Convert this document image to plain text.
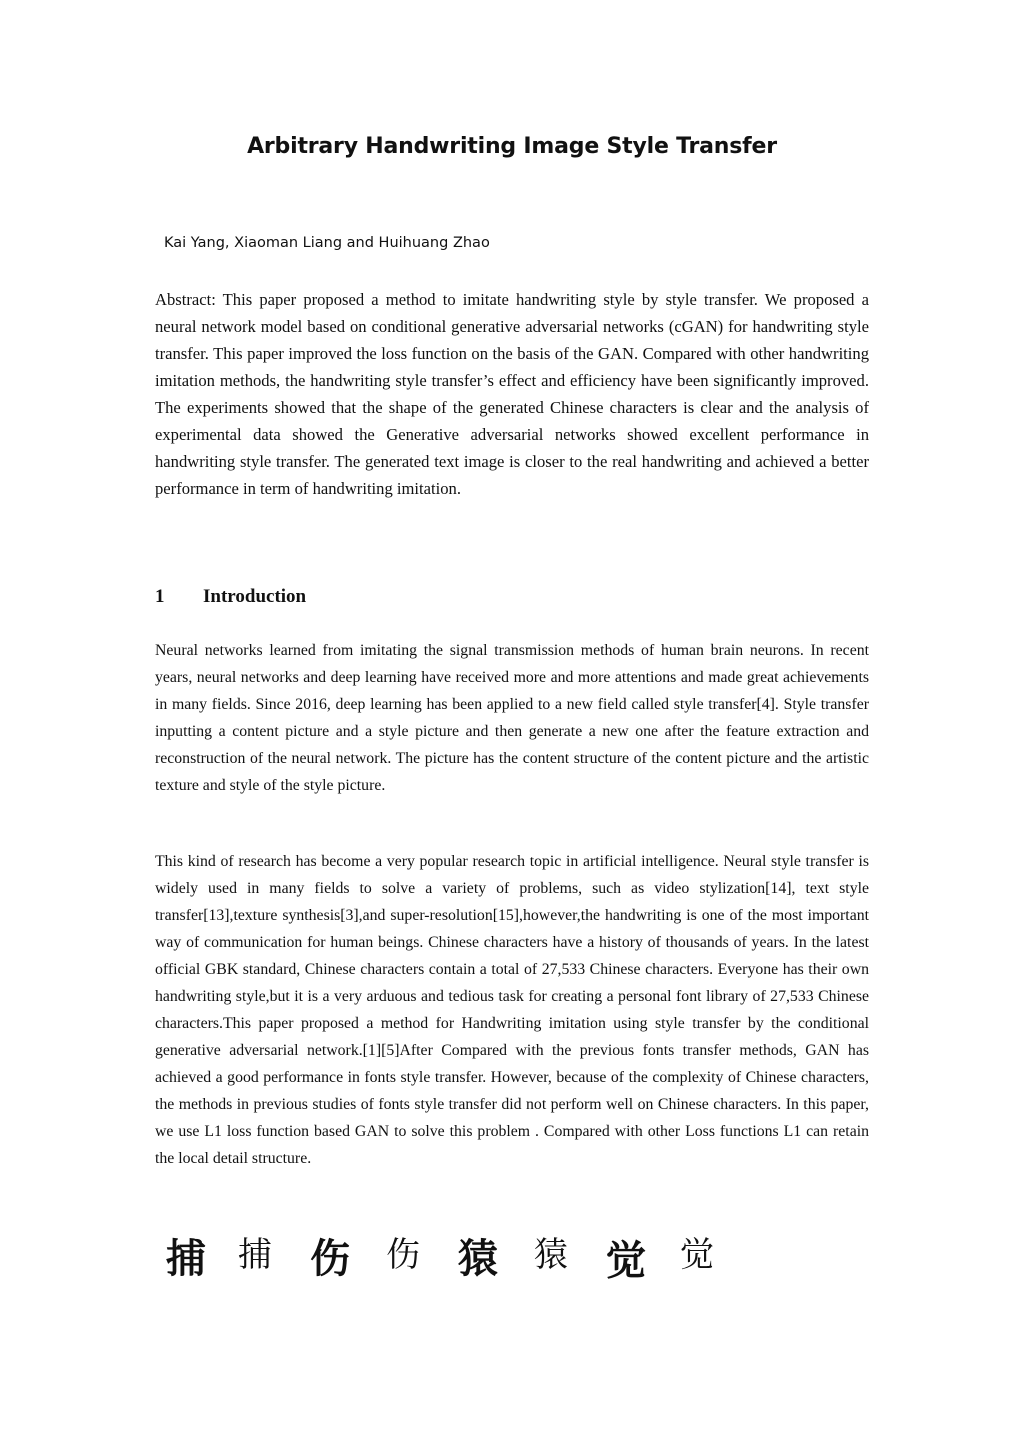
Arbitrary Handwriting Image Style Transfer
Kai Yang, Xiaoman Liang and Huihuang Zhao

Abstract: This paper proposed a method to imitate handwriting style by style transfer. We proposed a neural network model based on conditional generative adversarial networks (cGAN) for handwriting style transfer. This paper improved the loss function on the basis of the GAN. Compared with other handwriting imitation methods, the handwriting style transfer’s effect and efficiency have been significantly improved. The experiments showed that the shape of the generated Chinese characters is clear and the analysis of experimental data showed the Generative adversarial networks showed excellent performance in handwriting style transfer. The generated text image is closer to the real handwriting and achieved a better performance in term of handwriting imitation.

1 Introduction

Neural networks learned from imitating the signal transmission methods of human brain neurons. In recent years, neural networks and deep learning have received more and more attentions and made great achievements in many fields. Since 2016, deep learning has been applied to a new field called style transfer[4]. Style transfer inputting a content picture and a style picture and then generate a new one after the feature extraction and reconstruction of the neural network. The picture has the content structure of the content picture and the artistic texture and style of the style picture.

This kind of research has become a very popular research topic in artificial intelligence. Neural style transfer is widely used in many fields to solve a variety of problems, such as video stylization[14], text style transfer[13],texture synthesis[3],and super-resolution[15],however,the handwriting is one of the most important way of communication for human beings. Chinese characters have a history of thousands of years. In the latest official GBK standard, Chinese characters contain a total of 27,533 Chinese characters. Everyone has their own handwriting style,but it is a very arduous and tedious task for creating a personal font library of 27,533 Chinese characters.This paper proposed a method for Handwriting imitation using style transfer by the conditional generative adversarial network.[1][5]After Compared with the previous fonts transfer methods, GAN has achieved a good performance in fonts style transfer. However, because of the complexity of Chinese characters, the methods in previous studies of fonts style transfer did not perform well on Chinese characters. In this paper, we use L1 loss function based GAN to solve this problem . Compared with other Loss functions L1 can retain the local detail structure.

捕 捕 伤 伤 猿 猿 觉 觉
